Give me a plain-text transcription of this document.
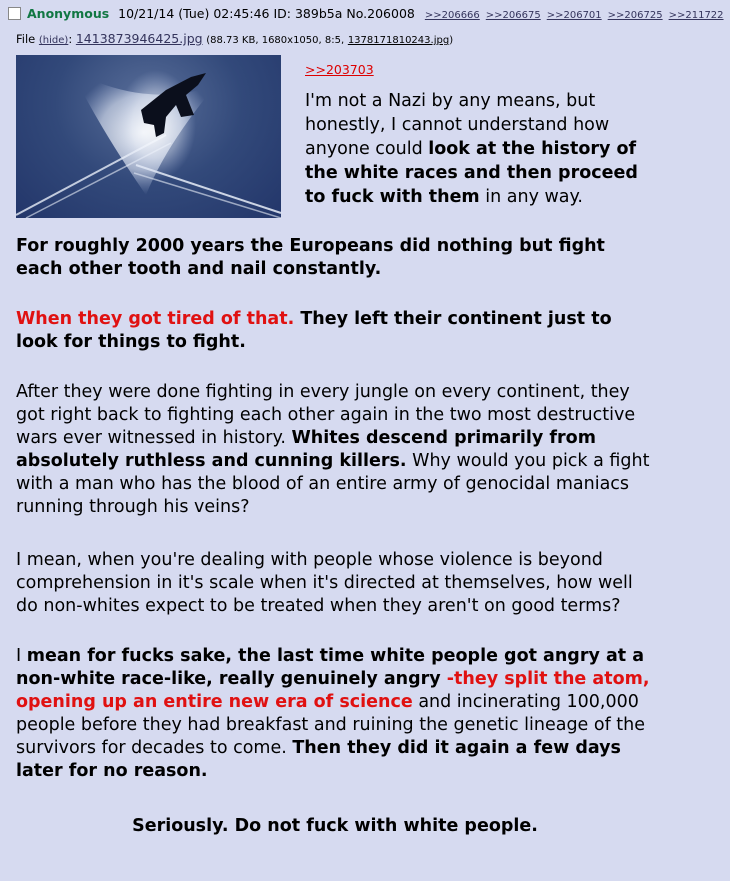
Anonymous 10/21/14 (Tue) 02:45:46 ID: 389b5a No.206008 >>206666 >>206675 >>206701 >>206725 >>211722
File (hide): 1413873946425.jpg (88.73 KB, 1680x1050, 8:5, 1378171810243.jpg)
>>203703
I'm not a Nazi by any means, but honestly, I cannot understand how anyone could look at the history of the white races and then proceed to fuck with them in any way.
For roughly 2000 years the Europeans did nothing but fight each other tooth and nail constantly.
When they got tired of that. They left their continent just to look for things to fight.
After they were done fighting in every jungle on every continent, they got right back to fighting each other again in the two most destructive wars ever witnessed in history. Whites descend primarily from absolutely ruthless and cunning killers. Why would you pick a fight with a man who has the blood of an entire army of genocidal maniacs running through his veins?
I mean, when you're dealing with people whose violence is beyond comprehension in it's scale when it's directed at themselves, how well do non-whites expect to be treated when they aren't on good terms?
I mean for fucks sake, the last time white people got angry at a non-white race-like, really genuinely angry -they split the atom, opening up an entire new era of science and incinerating 100,000 people before they had breakfast and ruining the genetic lineage of the survivors for decades to come. Then they did it again a few days later for no reason.
Seriously. Do not fuck with white people.
